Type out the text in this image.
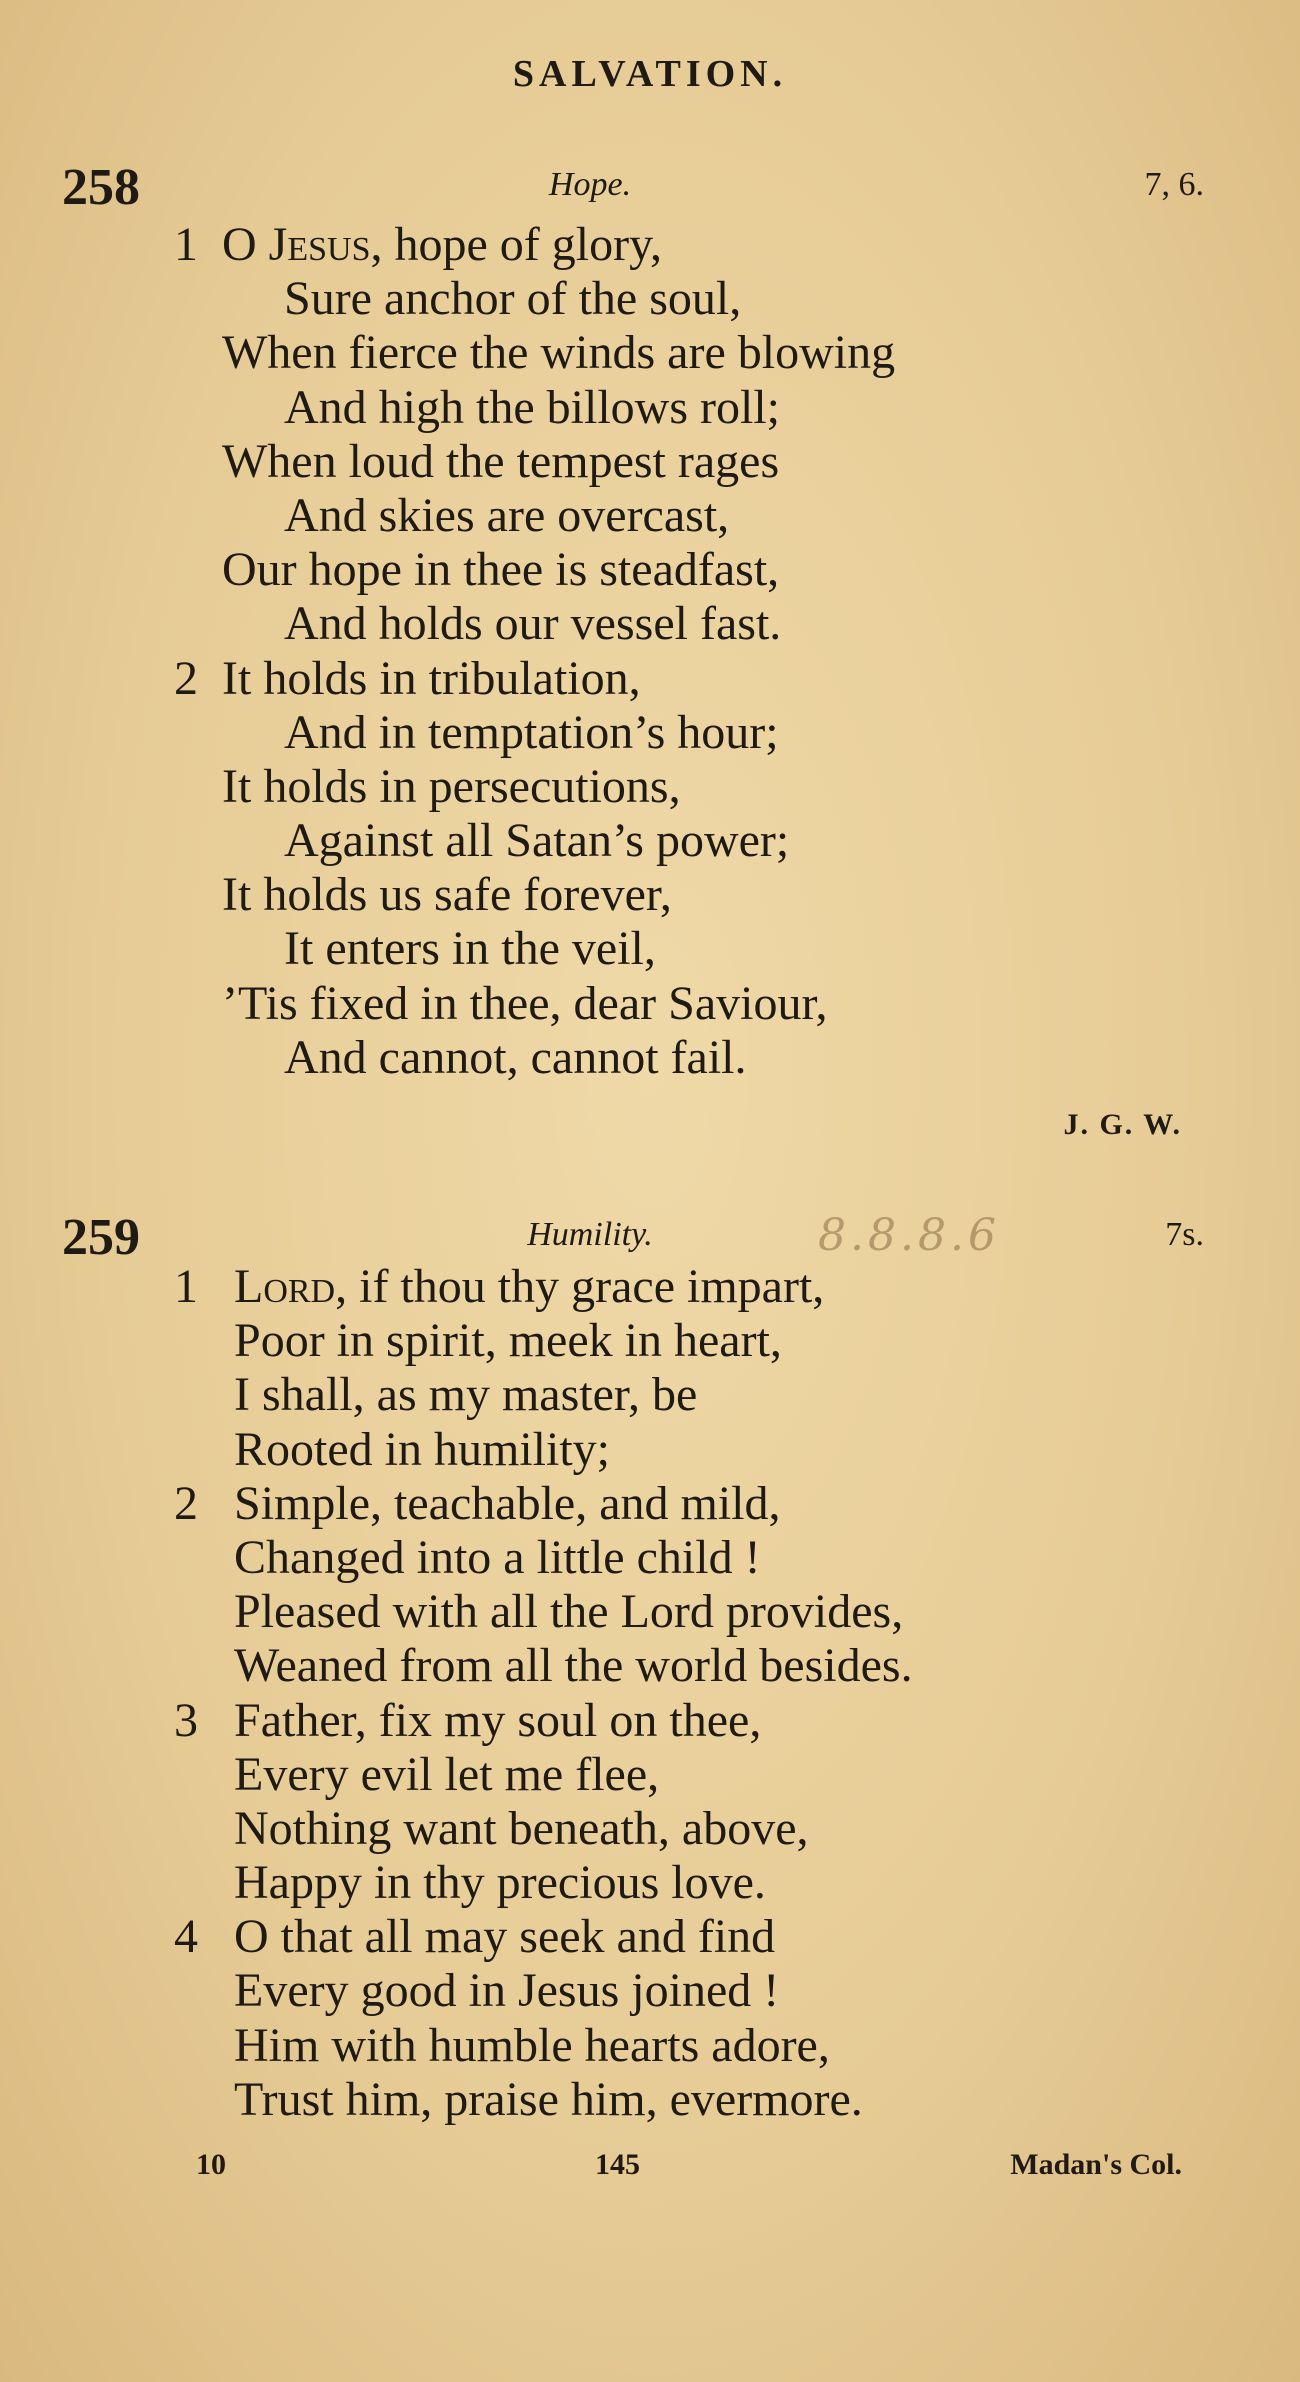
SALVATION.
258	Hope.	7, 6.
1 O Jesus, hope of glory,
Sure anchor of the soul,
When fierce the winds are blowing
And high the billows roll;
When loud the tempest rages
And skies are overcast,
Our hope in thee is steadfast,
And holds our vessel fast.
2 It holds in tribulation,
And in temptation’s hour;
It holds in persecutions,
Against all Satan’s power;
It holds us safe forever,
It enters in the veil,
’Tis fixed in thee, dear Saviour,
And cannot, cannot fail.
J. G. W.
259	Humility.	7s.
8.8.8.6
1 Lord, if thou thy grace impart,
Poor in spirit, meek in heart,
I shall, as my master, be
Rooted in humility;
2 Simple, teachable, and mild,
Changed into a little child !
Pleased with all the Lord provides,
Weaned from all the world besides.
3 Father, fix my soul on thee,
Every evil let me flee,
Nothing want beneath, above,
Happy in thy precious love.
4 O that all may seek and find
Every good in Jesus joined !
Him with humble hearts adore,
Trust him, praise him, evermore.
10	145	Madan's Col.
